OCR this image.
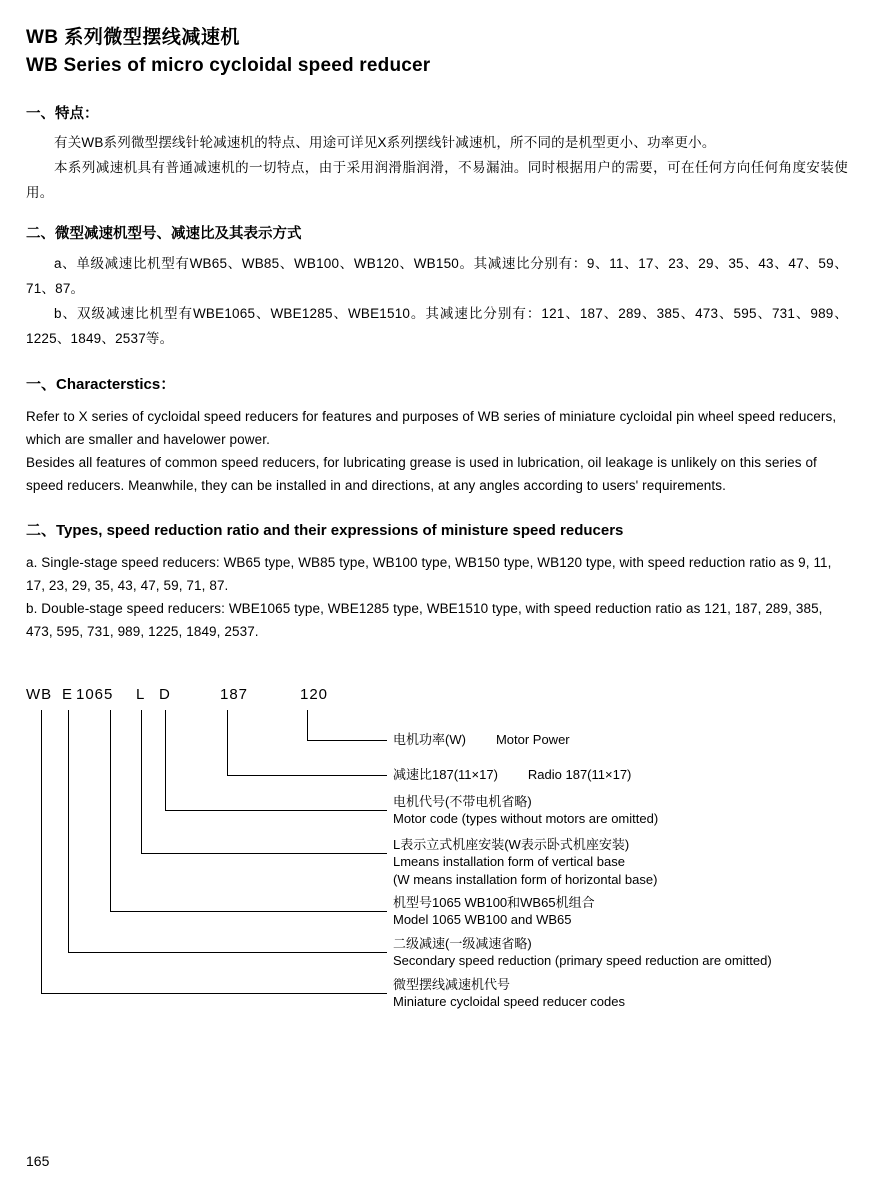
WB 系列微型摆线减速机
WB Series of micro cycloidal speed reducer
一、特点：

有关WB系列微型摆线针轮减速机的特点、用途可详见X系列摆线针减速机，所不同的是机型更小、功率更小。

本系列减速机具有普通减速机的一切特点，由于采用润滑脂润滑，不易漏油。同时根据用户的需要，可在任何方向任何角度安装使用。

二、微型减速机型号、减速比及其表示方式

a、单级减速比机型有WB65、WB85、WB100、WB120、WB150。其减速比分别有：9、11、17、23、29、35、43、47、59、71、87。

b、双级减速比机型有WBE1065、WBE1285、WBE1510。其减速比分别有：121、187、289、385、473、595、731、989、1225、1849、2537等。

一、Characterstics：

Refer to X series of cycloidal speed reducers for features and purposes of WB series of miniature cycloidal pin wheel speed reducers, which are smaller and havelower power.

Besides all features of common speed reducers, for lubricating grease is used in lubrication, oil leakage is unlikely on this series of speed reducers. Meanwhile, they can be installed in and directions, at any angles according to users' requirements.

二、Types, speed reduction ratio and their expressions of ministure speed reducers

a. Single-stage speed reducers: WB65 type, WB85 type, WB100 type, WB150 type, WB120 type, with speed reduction ratio as 9, 11, 17, 23, 29, 35, 43, 47, 59, 71, 87.

b. Double-stage speed reducers: WBE1065 type, WBE1285 type, WBE1510 type, with speed reduction ratio as 121, 187, 289, 385, 473, 595, 731, 989, 1225, 1849, 2537.

WB E 1065 L D	187	120
电机功率(W) Motor Power
减速比187(11×17) Radio 187(11×17)
电机代号(不带电机省略)
Motor code (types without motors are omitted)
L表示立式机座安装(W表示卧式机座安装)
Lmeans installation form of vertical base
(W means installation form of horizontal base)
机型号1065 WB100和WB65机组合
Model 1065 WB100 and WB65
二级减速(一级减速省略)
Secondary speed reduction (primary speed reduction are omitted)
微型摆线减速机代号
Miniature cycloidal speed reducer codes
165
